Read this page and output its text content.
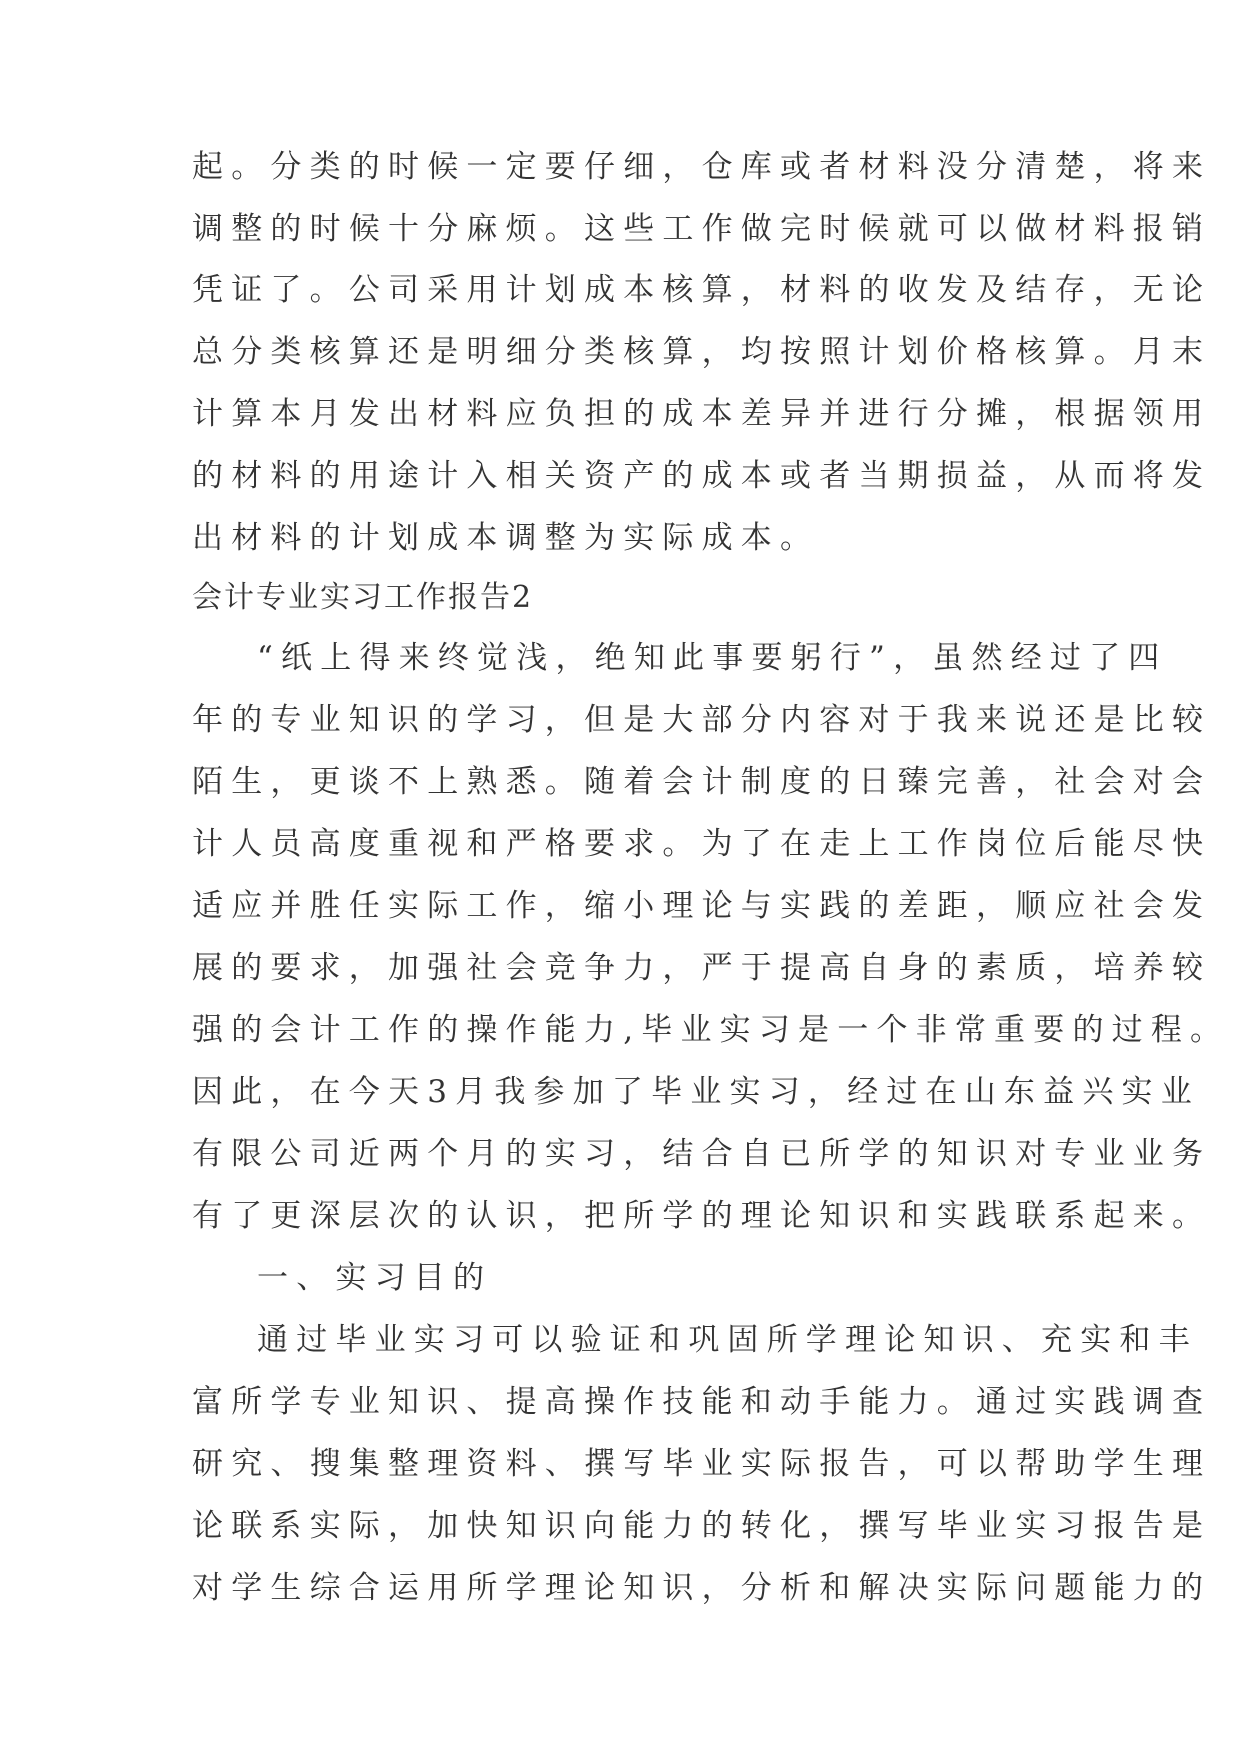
起。分类的时候一定要仔细，仓库或者材料没分清楚，将来
调整的时候十分麻烦。这些工作做完时候就可以做材料报销
凭证了。公司采用计划成本核算，材料的收发及结存，无论
总分类核算还是明细分类核算，均按照计划价格核算。月末
计算本月发出材料应负担的成本差异并进行分摊，根据领用
的材料的用途计入相关资产的成本或者当期损益，从而将发
出材料的计划成本调整为实际成本。
会计专业实习工作报告2
“纸上得来终觉浅，绝知此事要躬行”，虽然经过了四
年的专业知识的学习，但是大部分内容对于我来说还是比较
陌生，更谈不上熟悉。随着会计制度的日臻完善，社会对会
计人员高度重视和严格要求。为了在走上工作岗位后能尽快
适应并胜任实际工作，缩小理论与实践的差距，顺应社会发
展的要求，加强社会竞争力，严于提高自身的素质，培养较
强的会计工作的操作能力,毕业实习是一个非常重要的过程。
因此，在今天3月我参加了毕业实习，经过在山东益兴实业
有限公司近两个月的实习，结合自已所学的知识对专业业务
有了更深层次的认识，把所学的理论知识和实践联系起来。
一、实习目的
通过毕业实习可以验证和巩固所学理论知识、充实和丰
富所学专业知识、提高操作技能和动手能力。通过实践调查
研究、搜集整理资料、撰写毕业实际报告，可以帮助学生理
论联系实际，加快知识向能力的转化，撰写毕业实习报告是
对学生综合运用所学理论知识，分析和解决实际问题能力的
